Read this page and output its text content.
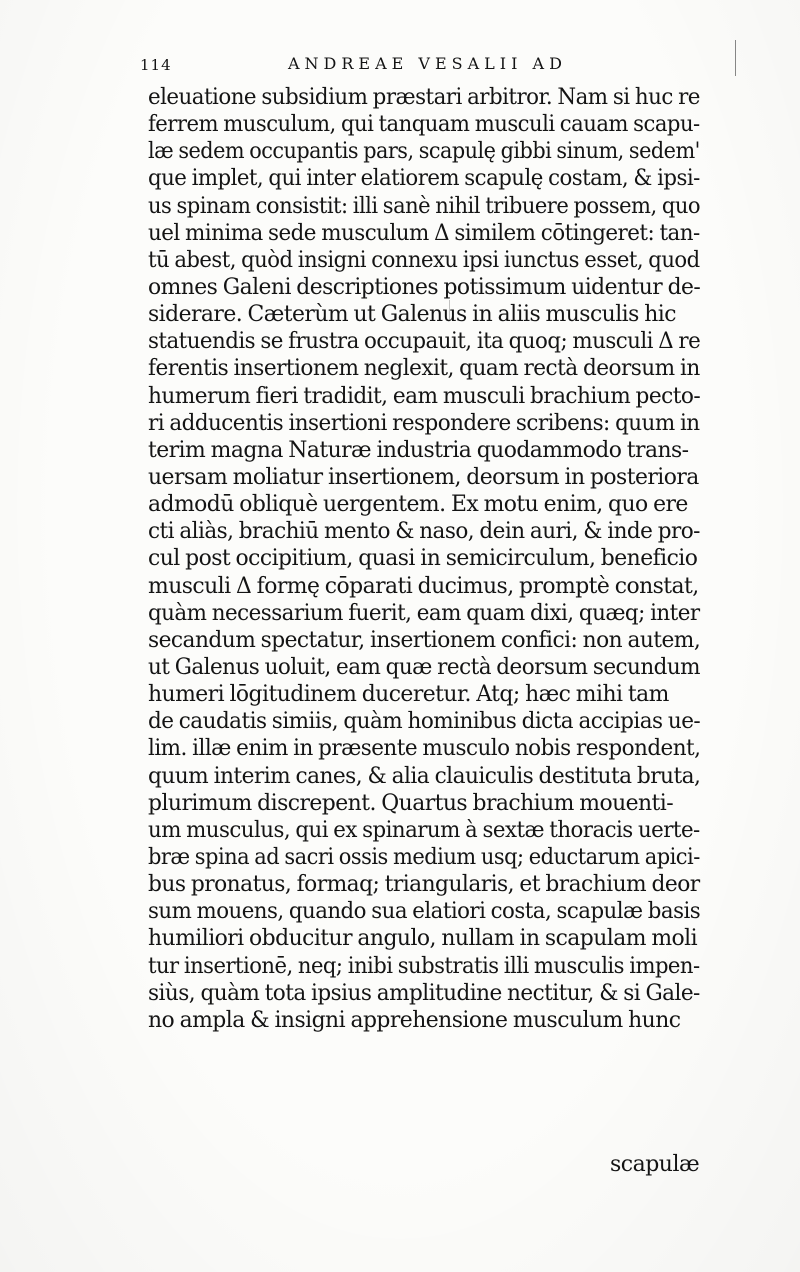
114	ANDREAE VESALII AD
eleuatione subsidium præstari arbitror. Nam si huc re
ferrem musculum, qui tanquam musculi cauam scapu-
læ sedem occupantis pars, scapulę gibbi sinum, sedem'
que implet, qui inter elatiorem scapulę costam, & ipsi-
us spinam consistit: illi sanè nihil tribuere possem, quo
uel minima sede musculum Δ similem cōtingeret: tan-
tū abest, quòd insigni connexu ipsi iunctus esset, quod
omnes Galeni descriptiones potissimum uidentur de-
siderare. Cæterùm ut Galenus in aliis musculis hic
statuendis se frustra occupauit, ita quoq; musculi Δ re
ferentis insertionem neglexit, quam rectà deorsum in
humerum fieri tradidit, eam musculi brachium pecto-
ri adducentis insertioni respondere scribens: quum in
terim magna Naturæ industria quodammodo trans-
uersam moliatur insertionem, deorsum in posteriora
admodū obliquè uergentem. Ex motu enim, quo ere
cti aliàs, brachiū mento & naso, dein auri, & inde pro-
cul post occipitium, quasi in semicirculum, beneficio
musculi Δ formę cōparati ducimus, promptè constat,
quàm necessarium fuerit, eam quam dixi, quæq; inter
secandum spectatur, insertionem confici: non autem,
ut Galenus uoluit, eam quæ rectà deorsum secundum
humeri lōgitudinem duceretur. Atq; hæc mihi tam
de caudatis simiis, quàm hominibus dicta accipias ue-
lim. illæ enim in præsente musculo nobis respondent,
quum interim canes, & alia clauiculis destituta bruta,
plurimum discrepent. Quartus brachium mouenti-
um musculus, qui ex spinarum à sextæ thoracis uerte-
bræ spina ad sacri ossis medium usq; eductarum apici-
bus pronatus, formaq; triangularis, et brachium deor
sum mouens, quando sua elatiori costa, scapulæ basis
humiliori obducitur angulo, nullam in scapulam moli
tur insertionē, neq; inibi substratis illi musculis impen-
siùs, quàm tota ipsius amplitudine nectitur, & si Gale-
no ampla & insigni apprehensione musculum hunc
scapulæ
